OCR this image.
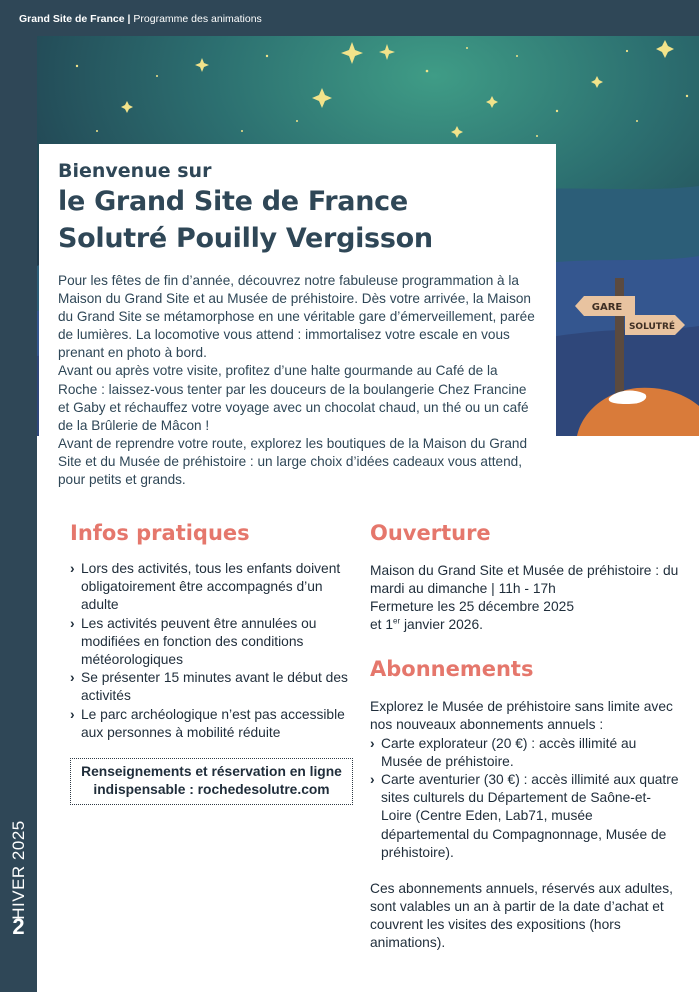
Grand Site de France | Programme des animations
HIVER 2025
2
GARE
SOLUTRÉ
Bienvenue sur
le Grand Site de France
Solutré Pouilly Vergisson

Pour les fêtes de fin d’année, découvrez notre fabuleuse programmation à la Maison du Grand Site et au Musée de préhistoire. Dès votre arrivée, la Maison du Grand Site se métamorphose en une véritable gare d’émerveillement, parée de lumières. La locomotive vous attend : immortalisez votre escale en vous prenant en photo à bord.

Avant ou après votre visite, profitez d’une halte gourmande au Café de la Roche : laissez-vous tenter par les douceurs de la boulangerie Chez Francine et Gaby et réchauffez votre voyage avec un chocolat chaud, un thé ou un café de la Brûlerie de Mâcon !

Avant de reprendre votre route, explorez les boutiques de la Maison du Grand Site et du Musée de préhistoire : un large choix d’idées cadeaux vous attend, pour petits et grands.

Infos pratiques
› Lors des activités, tous les enfants doivent obligatoirement être accompagnés d’un adulte
› Les activités peuvent être annulées ou modifiées en fonction des conditions météorologiques
› Se présenter 15 minutes avant le début des activités
› Le parc archéologique n’est pas accessible aux personnes à mobilité réduite
Renseignements et réservation en ligne
indispensable : rochedesolutre.com
Ouverture

Maison du Grand Site et Musée de préhistoire : du mardi au dimanche | 11h - 17h
Fermeture les 25 décembre 2025
et 1er janvier 2026.

Abonnements

Explorez le Musée de préhistoire sans limite avec nos nouveaux abonnements annuels :

› Carte explorateur (20 €) : accès illimité au Musée de préhistoire.
› Carte aventurier (30 €) : accès illimité aux quatre sites culturels du Département de Saône-et-Loire (Centre Eden, Lab71, musée départemental du Compagnonnage, Musée de préhistoire).

Ces abonnements annuels, réservés aux adultes, sont valables un an à partir de la date d’achat et couvrent les visites des expositions (hors animations).
